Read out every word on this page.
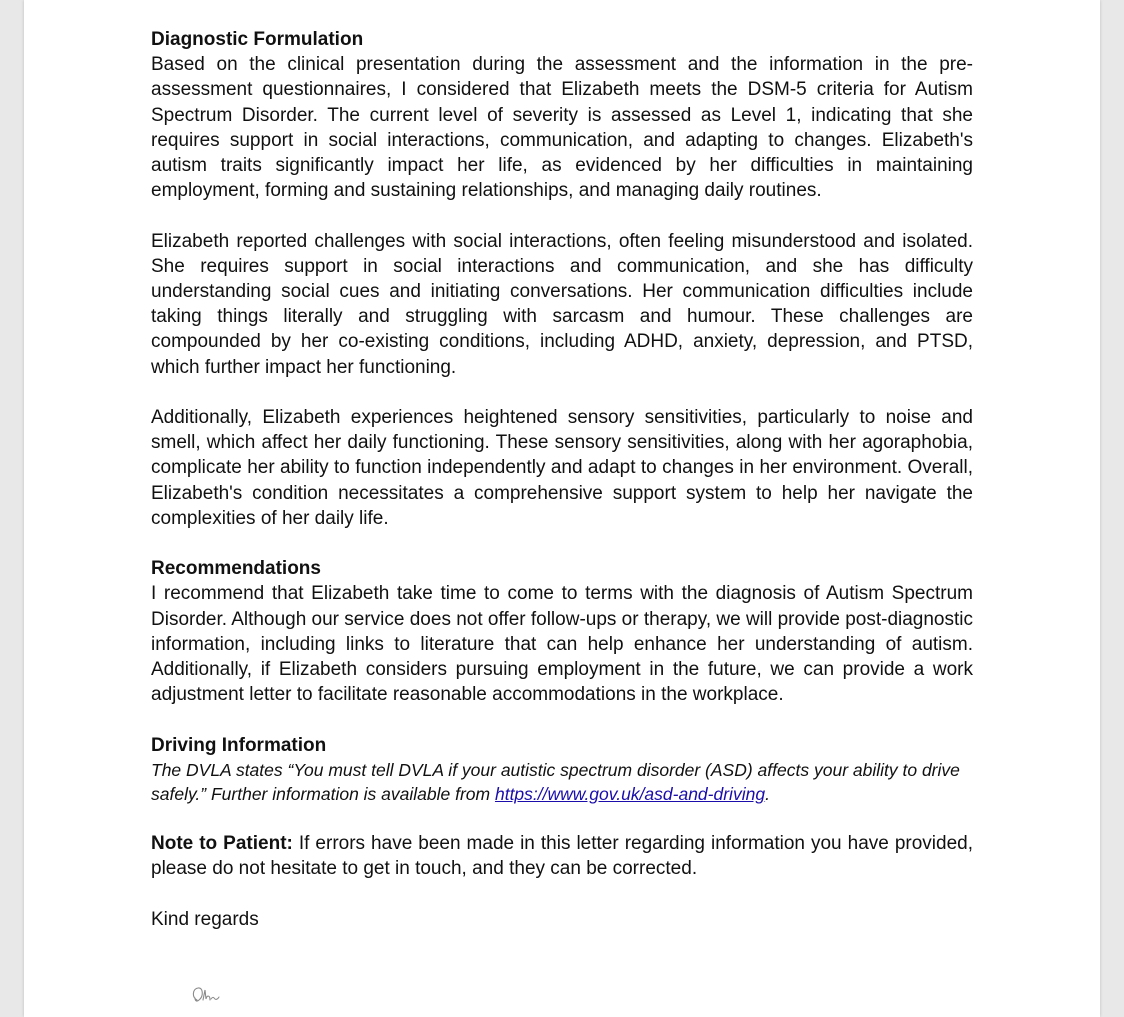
Diagnostic Formulation

Based on the clinical presentation during the assessment and the information in the pre-assessment questionnaires, I considered that Elizabeth meets the DSM-5 criteria for Autism Spectrum Disorder. The current level of severity is assessed as Level 1, indicating that she requires support in social interactions, communication, and adapting to changes. Elizabeth's autism traits significantly impact her life, as evidenced by her difficulties in maintaining employment, forming and sustaining relationships, and managing daily routines.

Elizabeth reported challenges with social interactions, often feeling misunderstood and isolated. She requires support in social interactions and communication, and she has difficulty understanding social cues and initiating conversations. Her communication difficulties include taking things literally and struggling with sarcasm and humour. These challenges are compounded by her co-existing conditions, including ADHD, anxiety, depression, and PTSD, which further impact her functioning.

Additionally, Elizabeth experiences heightened sensory sensitivities, particularly to noise and smell, which affect her daily functioning. These sensory sensitivities, along with her agoraphobia, complicate her ability to function independently and adapt to changes in her environment. Overall, Elizabeth's condition necessitates a comprehensive support system to help her navigate the complexities of her daily life.

Recommendations

I recommend that Elizabeth take time to come to terms with the diagnosis of Autism Spectrum Disorder. Although our service does not offer follow-ups or therapy, we will provide post-diagnostic information, including links to literature that can help enhance her understanding of autism. Additionally, if Elizabeth considers pursuing employment in the future, we can provide a work adjustment letter to facilitate reasonable accommodations in the workplace.

Driving Information

The DVLA states “You must tell DVLA if your autistic spectrum disorder (ASD) affects your ability to drive safely.” Further information is available from https://www.gov.uk/asd-and-driving.

Note to Patient: If errors have been made in this letter regarding information you have provided, please do not hesitate to get in touch, and they can be corrected.

Kind regards
